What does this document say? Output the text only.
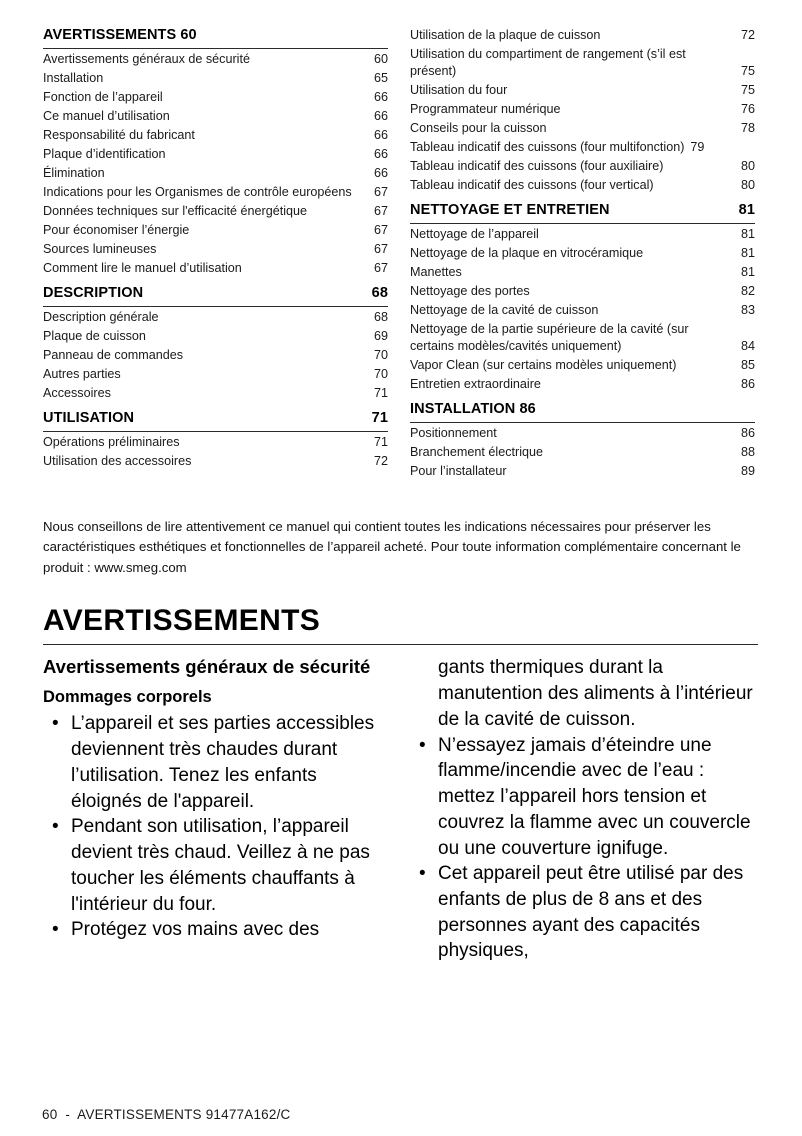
AVERTISSEMENTS 60
Avertissements généraux de sécurité	60
Installation	65
Fonction de l’appareil	66
Ce manuel d’utilisation	66
Responsabilité du fabricant	66
Plaque d’identification	66
Élimination	66
Indications pour les Organismes de contrôle européens	67
Données techniques sur l'efficacité énergétique	67
Pour économiser l’énergie	67
Sources lumineuses	67
Comment lire le manuel d’utilisation	67
DESCRIPTION	68
Description générale	68
Plaque de cuisson	69
Panneau de commandes	70
Autres parties	70
Accessoires	71
UTILISATION	71
Opérations préliminaires	71
Utilisation des accessoires	72
Utilisation de la plaque de cuisson	72
Utilisation du compartiment de rangement (s’il est présent)	75
Utilisation du four	75
Programmateur numérique	76
Conseils pour la cuisson	78
Tableau indicatif des cuissons (four multifonction) 79
Tableau indicatif des cuissons (four auxiliaire)	80
Tableau indicatif des cuissons (four vertical)	80
NETTOYAGE ET ENTRETIEN	81
Nettoyage de l’appareil	81
Nettoyage de la plaque en vitrocéramique	81
Manettes	81
Nettoyage des portes	82
Nettoyage de la cavité de cuisson	83
Nettoyage de la partie supérieure de la cavité (sur certains modèles/cavités uniquement)	84
Vapor Clean (sur certains modèles uniquement)	85
Entretien extraordinaire	86
INSTALLATION 86
Positionnement	86
Branchement électrique	88
Pour l’installateur	89

Nous conseillons de lire attentivement ce manuel qui contient toutes les indications nécessaires pour préserver les caractéristiques esthétiques et fonctionnelles de l’appareil acheté. Pour toute information complémentaire concernant le produit : www.smeg.com

AVERTISSEMENTS
Avertissements généraux de sécurité
Dommages corporels
• L’appareil et ses parties accessibles deviennent très chaudes durant l’utilisation. Tenez les enfants éloignés de l'appareil.
• Pendant son utilisation, l’appareil devient très chaud. Veillez à ne pas toucher les éléments chauffants à l'intérieur du four.
• Protégez vos mains avec des

gants thermiques durant la manutention des aliments à l’intérieur de la cavité de cuisson.

• N’essayez jamais d’éteindre une flamme/incendie avec de l’eau : mettez l’appareil hors tension et couvrez la flamme avec un couvercle ou une couverture ignifuge.
• Cet appareil peut être utilisé par des enfants de plus de 8 ans et des personnes ayant des capacités physiques,
60  -  AVERTISSEMENTS 91477A162/C
